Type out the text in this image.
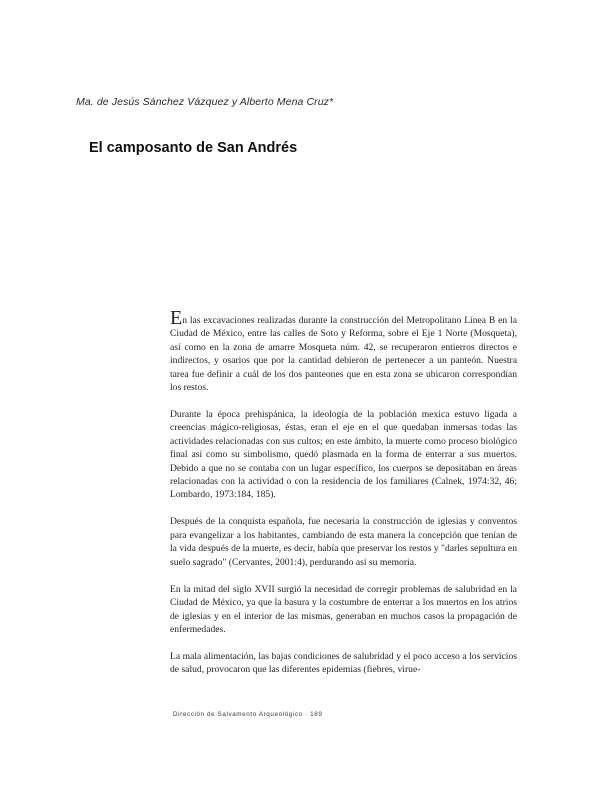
Ma. de Jesús Sánchez Vázquez y Alberto Mena Cruz*
El camposanto de San Andrés

En las excavaciones realizadas durante la construcción del Metropolitano Línea B en la Ciudad de México, entre las calles de Soto y Reforma, sobre el Eje 1 Norte (Mosqueta), así como en la zona de amarre Mosqueta núm. 42, se recuperaron entierros directos e indirectos, y osarios que por la cantidad debieron de pertenecer a un panteón. Nuestra tarea fue definir a cuál de los dos panteones que en esta zona se ubicaron correspondían los restos.

Durante la época prehispánica, la ideología de la población mexica estuvo ligada a creencias mágico-religiosas, éstas, eran el eje en el que quedaban inmersas todas las actividades relacionadas con sus cultos; en este ámbito, la muerte como proceso biológico final así como su simbolismo, quedó plasmada en la forma de enterrar a sus muertos. Debido a que no se contaba con un lugar específico, los cuerpos se depositaban en áreas relacionadas con la actividad o con la residencia de los familiares (Calnek, 1974:32, 46; Lombardo, 1973:184, 185).

Después de la conquista española, fue necesaria la construcción de iglesias y conventos para evangelizar a los habitantes, cambiando de esta manera la concepción que tenían de la vida después de la muerte, es decir, había que preservar los restos y "darles sepultura en suelo sagrado" (Cervantes, 2001:4), perdurando así su memoria.

En la mitad del siglo XVII surgió la necesidad de corregir problemas de salubridad en la Ciudad de México, ya que la basura y la costumbre de enterrar a los muertos en los atrios de iglesias y en el interior de las mismas, generaban en muchos casos la propagación de enfermedades.

La mala alimentación, las bajas condiciones de salubridad y el poco acceso a los servicios de salud, provocaron que las diferentes epidemias (fiebres, virue-

Dirección de Salvamento Arqueológico · 189
